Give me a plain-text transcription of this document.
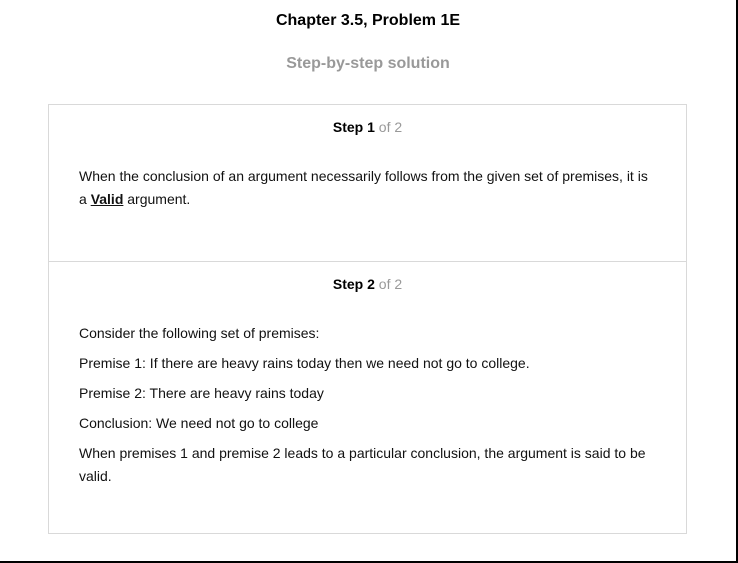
Chapter 3.5, Problem 1E
Step-by-step solution
Step 1 of 2

When the conclusion of an argument necessarily follows from the given set of premises, it is a Valid argument.

Step 2 of 2

Consider the following set of premises:

Premise 1: If there are heavy rains today then we need not go to college.

Premise 2: There are heavy rains today

Conclusion: We need not go to college

When premises 1 and premise 2 leads to a particular conclusion, the argument is said to be valid.
